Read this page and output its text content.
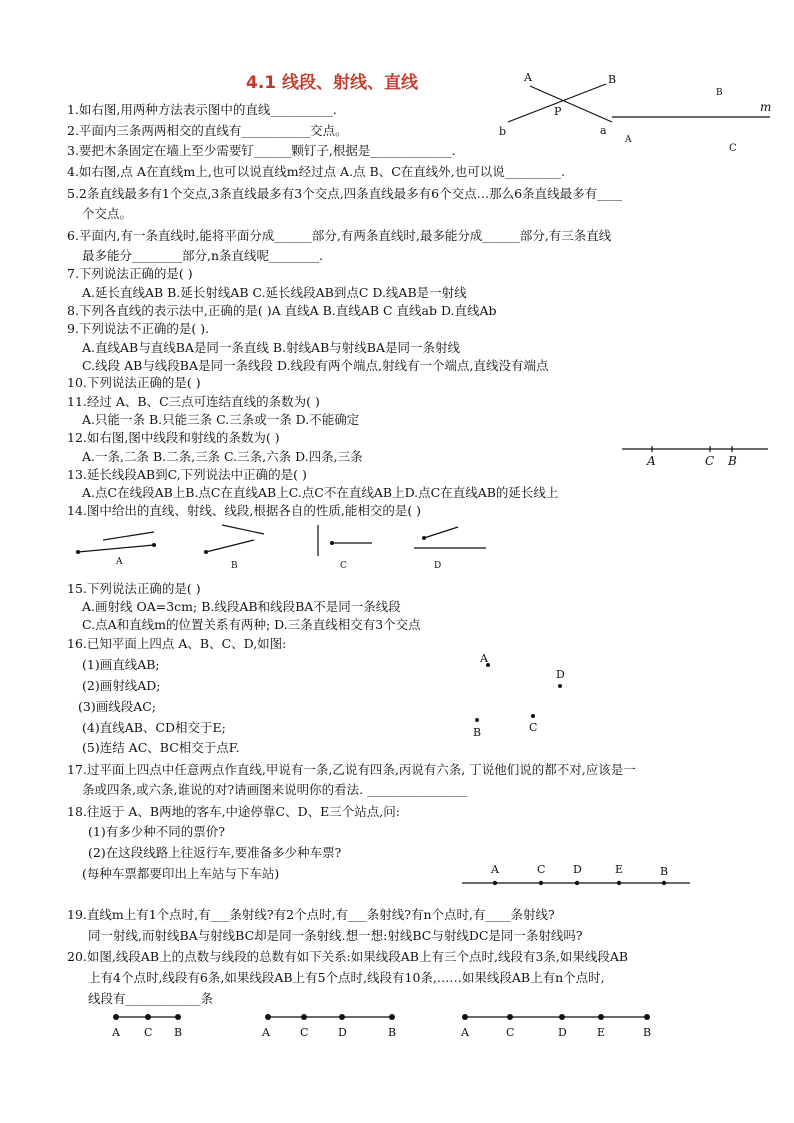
4.1 线段、射线、直线	A	B
P
b	a
B
m
A
C
A	C B
A	B	C	D
A
D
B	C
A	C	D	E	B
A C B	A	C	D	B	A	C	D	E	B
1.如右图,用两种方法表示图中的直线__________.
2.平面内三条两两相交的直线有___________交点。
3.要把木条固定在墙上至少需要钉______颗钉子,根据是_____________.
4.如右图,点 A在直线m上,也可以说直线m经过点 A.点 B、C在直线外,也可以说_________.
5.2条直线最多有1个交点,3条直线最多有3个交点,四条直线最多有6个交点…那么6条直线最多有____
个交点。
6.平面内,有一条直线时,能将平面分成______部分,有两条直线时,最多能分成______部分,有三条直线
最多能分________部分,n条直线呢________.
7.下列说法正确的是( )
A.延长直线AB B.延长射线AB C.延长线段AB到点C D.线AB是一射线
8.下列各直线的表示法中,正确的是( )A 直线A B.直线AB C 直线ab D.直线Ab
9.下列说法不正确的是( ).
A.直线AB与直线BA是同一条直线 B.射线AB与射线BA是同一条射线
C.线段 AB与线段BA是同一条线段 D.线段有两个端点,射线有一个端点,直线没有端点
10.下列说法正确的是( )
11.经过 A、B、C三点可连结直线的条数为( )
A.只能一条 B.只能三条 C.三条或一条 D.不能确定
12.如右图,图中线段和射线的条数为( )
A.一条,二条 B.二条,三条 C.三条,六条 D.四条,三条
13.延长线段AB到C,下列说法中正确的是( )
A.点C在线段AB上B.点C在直线AB上C.点C不在直线AB上D.点C在直线AB的延长线上
14.图中给出的直线、射线、线段,根据各自的性质,能相交的是( )
15.下列说法正确的是( )
A.画射线 OA=3cm; B.线段AB和线段BA不是同一条线段
C.点A和直线m的位置关系有两种; D.三条直线相交有3个交点
16.已知平面上四点 A、B、C、D,如图:
(1)画直线AB;
(2)画射线AD;
(3)画线段AC;
(4)直线AB、CD相交于E;
(5)连结 AC、BC相交于点F.
17.过平面上四点中任意两点作直线,甲说有一条,乙说有四条,丙说有六条, 丁说他们说的都不对,应该是一
条或四条,或六条,谁说的对?请画图来说明你的看法. ________________
18.往返于 A、B两地的客车,中途停靠C、D、E三个站点,问:
(1)有多少种不同的票价?
(2)在这段线路上往返行车,要准备多少种车票?
(每种车票都要印出上车站与下车站)
19.直线m上有1个点时,有___条射线?有2个点时,有___条射线?有n个点时,有____条射线?
同一射线,而射线BA与射线BC却是同一条射线.想一想:射线BC与射线DC是同一条射线吗?
20.如图,线段AB上的点数与线段的总数有如下关系:如果线段AB上有三个点时,线段有3条,如果线段AB
上有4个点时,线段有6条,如果线段AB上有5个点时,线段有10条,……如果线段AB上有n个点时,
线段有____________条
